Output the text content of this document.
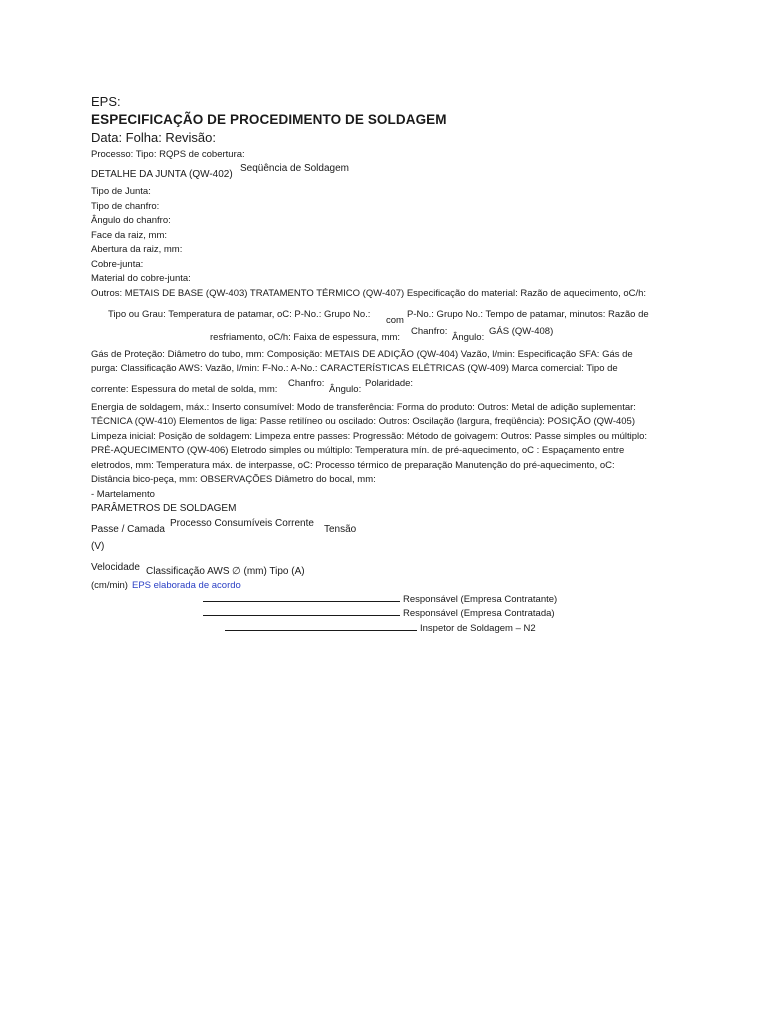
EPS:
ESPECIFICAÇÃO DE PROCEDIMENTO DE SOLDAGEM
Data: Folha: Revisão:
Processo: Tipo: RQPS de cobertura:
DETALHE DA JUNTA (QW-402)
Seqüência de Soldagem
Tipo de Junta:
Tipo de chanfro:
Ângulo do chanfro:
Face da raiz, mm:
Abertura da raiz, mm:
Cobre-junta:
Material do cobre-junta:
Outros: METAIS DE BASE (QW-403) TRATAMENTO TÉRMICO (QW-407) Especificação do material: Razão de aquecimento, oC/h:
Tipo ou Grau: Temperatura de patamar, oC: P-No.: Grupo No.:
com
P-No.: Grupo No.: Tempo de patamar, minutos: Razão de
resfriamento, oC/h: Faixa de espessura, mm:
Chanfro:
Ângulo:
GÁS (QW-408)
Gás de Proteção: Diâmetro do tubo, mm: Composição: METAIS DE ADIÇÃO (QW-404) Vazão, l/min: Especificação SFA: Gás de
purga: Classificação AWS: Vazão, l/min: F-No.: A-No.: CARACTERÍSTICAS ELÉTRICAS (QW-409) Marca comercial: Tipo de
corrente: Espessura do metal de solda, mm:
Chanfro:
Ângulo:
Polaridade:
Energia de soldagem, máx.: Inserto consumível: Modo de transferência: Forma do produto: Outros: Metal de adição suplementar:
TÉCNICA (QW-410) Elementos de liga: Passe retilíneo ou oscilado: Outros: Oscilação (largura, freqüência): POSIÇÃO (QW-405)
Limpeza inicial: Posição de soldagem: Limpeza entre passes: Progressão: Método de goivagem: Outros: Passe simples ou múltiplo:
PRÉ-AQUECIMENTO (QW-406) Eletrodo simples ou múltiplo: Temperatura mín. de pré-aquecimento, oC : Espaçamento entre
eletrodos, mm: Temperatura máx. de interpasse, oC: Processo térmico de preparação Manutenção do pré-aquecimento, oC:
Distância bico-peça, mm: OBSERVAÇÕES Diâmetro do bocal, mm:
- Martelamento
PARÂMETROS DE SOLDAGEM
Passe / Camada
Processo Consumíveis Corrente
Tensão
(V)
Velocidade Classificação AWS ∅ (mm) Tipo (A)
(cm/min) EPS elaborada de acordo
Responsável (Empresa Contratante)
Responsável (Empresa Contratada)
Inspetor de Soldagem – N2
